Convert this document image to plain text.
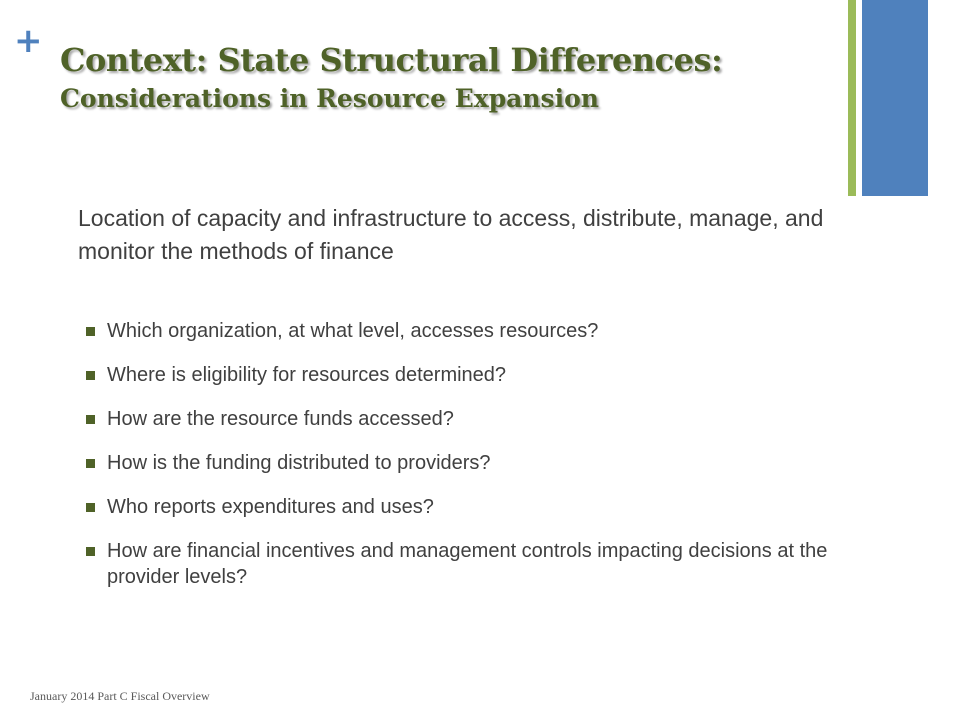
+ Context: State Structural Differences:
Considerations in Resource Expansion
Location of capacity and infrastructure to access, distribute, manage, and monitor the methods of finance
Which organization, at what level, accesses resources?
Where is eligibility for resources determined?
How are the resource funds accessed?
How is the funding distributed to providers?
Who reports expenditures and uses?
How are financial incentives and management controls impacting decisions at the provider levels?
January 2014 Part C Fiscal Overview
